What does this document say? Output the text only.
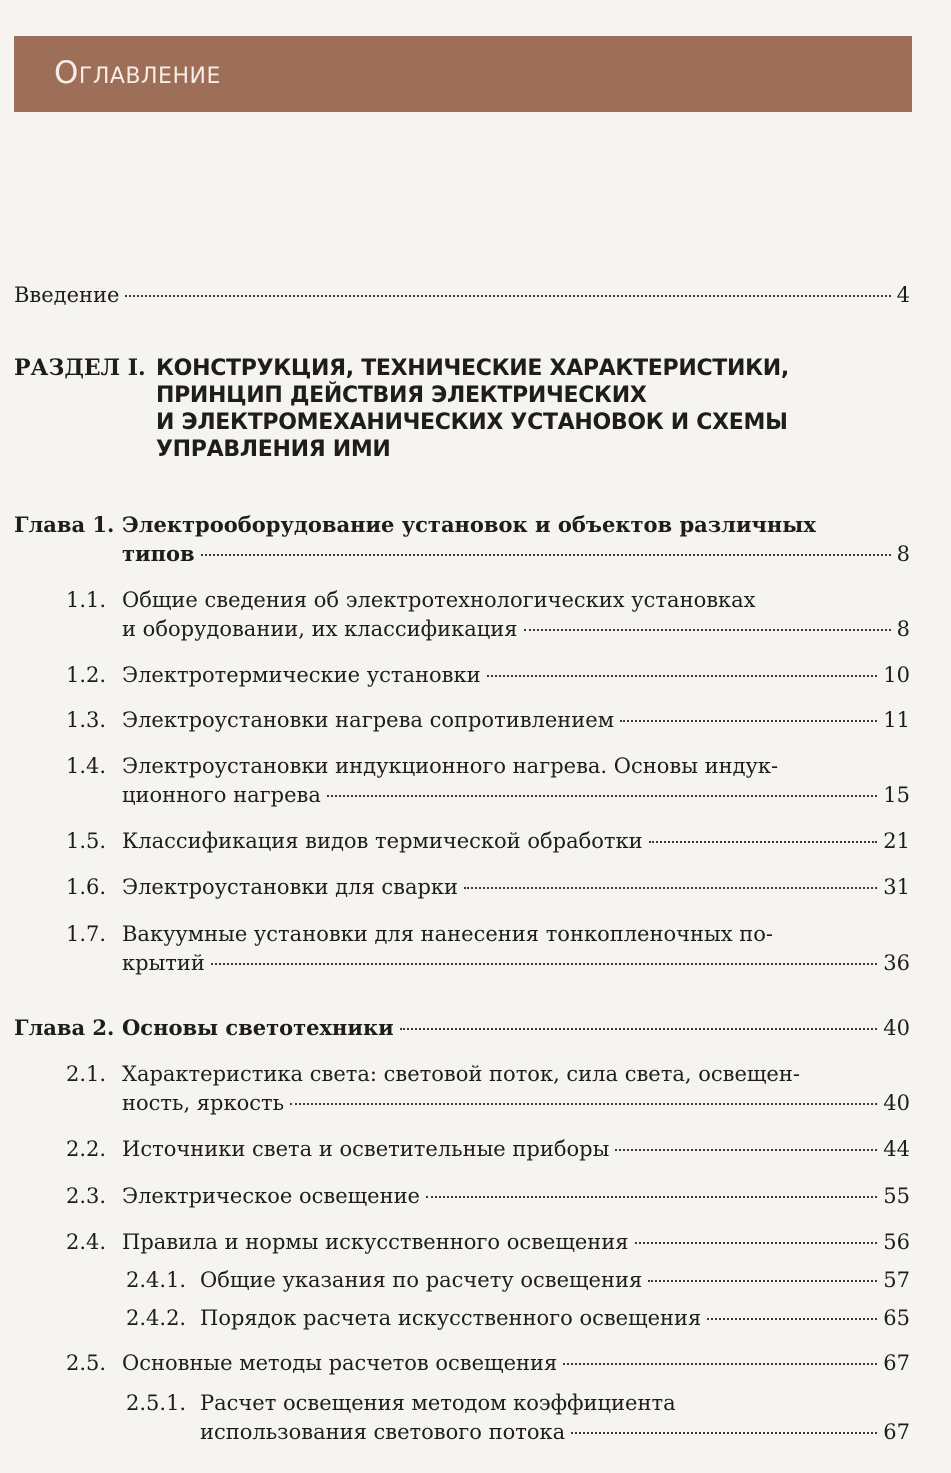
Оглавление
Введение	4
РАЗДЕЛ I. КОНСТРУКЦИЯ, ТЕХНИЧЕСКИЕ ХАРАКТЕРИСТИКИ,
ПРИНЦИП ДЕЙСТВИЯ ЭЛЕКТРИЧЕСКИХ
И ЭЛЕКТРОМЕХАНИЧЕСКИХ УСТАНОВОК И СХЕМЫ
УПРАВЛЕНИЯ ИМИ
Глава 1. Электрооборудование установок и объектов различных
типов	8
1.1. Общие сведения об электротехнологических установках
и оборудовании, их классификация	8
1.2. Электротермические установки	10
1.3. Электроустановки нагрева сопротивлением	11
1.4. Электроустановки индукционного нагрева. Основы индук-
ционного нагрева	15
1.5. Классификация видов термической обработки	21
1.6. Электроустановки для сварки	31
1.7. Вакуумные установки для нанесения тонкопленочных по-
крытий	36
Глава 2. Основы светотехники	40
2.1. Характеристика света: световой поток, сила света, освещен-
ность, яркость	40
2.2. Источники света и осветительные приборы	44
2.3. Электрическое освещение	55
2.4. Правила и нормы искусственного освещения	56
2.4.1. Общие указания по расчету освещения	57
2.4.2. Порядок расчета искусственного освещения	65
2.5. Основные методы расчетов освещения	67
2.5.1. Расчет освещения методом коэффициента
использования светового потока	67
